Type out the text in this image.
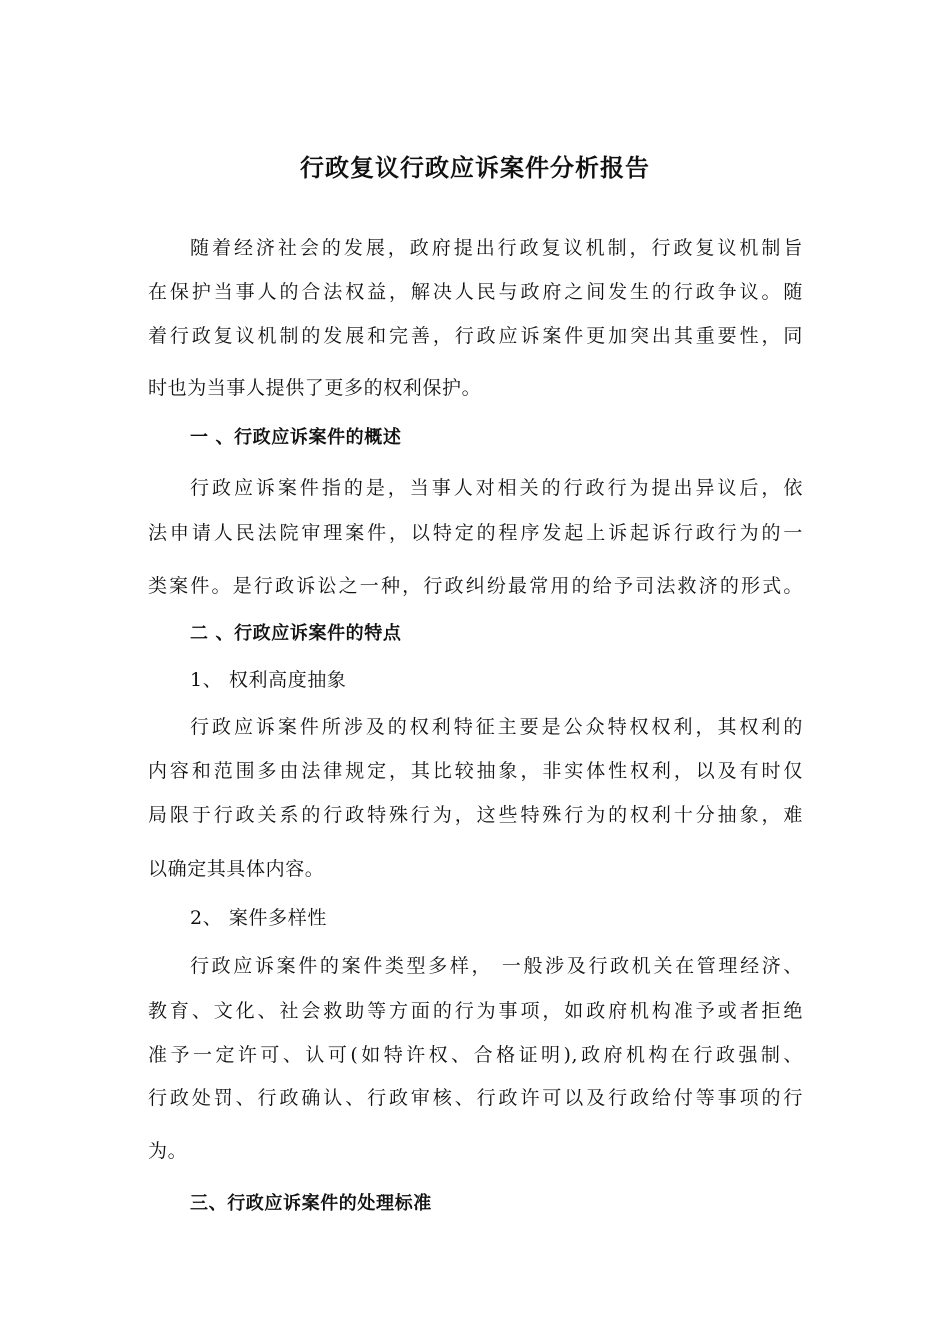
行政复议行政应诉案件分析报告
随着经济社会的发展，政府提出行政复议机制，行政复议机制旨
在保护当事人的合法权益，解决人民与政府之间发生的行政争议。随
着行政复议机制的发展和完善，行政应诉案件更加突出其重要性，同
时也为当事人提供了更多的权利保护。
一 、行政应诉案件的概述
行政应诉案件指的是，当事人对相关的行政行为提出异议后，依
法申请人民法院审理案件，以特定的程序发起上诉起诉行政行为的一
类案件。是行政诉讼之一种，行政纠纷最常用的给予司法救济的形式。
二 、行政应诉案件的特点
1、 权利高度抽象
行政应诉案件所涉及的权利特征主要是公众特权权利，其权利的
内容和范围多由法律规定，其比较抽象，非实体性权利，以及有时仅
局限于行政关系的行政特殊行为，这些特殊行为的权利十分抽象，难
以确定其具体内容。
2、 案件多样性
行政应诉案件的案件类型多样， 一般涉及行政机关在管理经济、
教育、文化、社会救助等方面的行为事项，如政府机构准予或者拒绝
准予一定许可、认可(如特许权、合格证明),政府机构在行政强制、
行政处罚、行政确认、行政审核、行政许可以及行政给付等事项的行
为。
三、行政应诉案件的处理标准
